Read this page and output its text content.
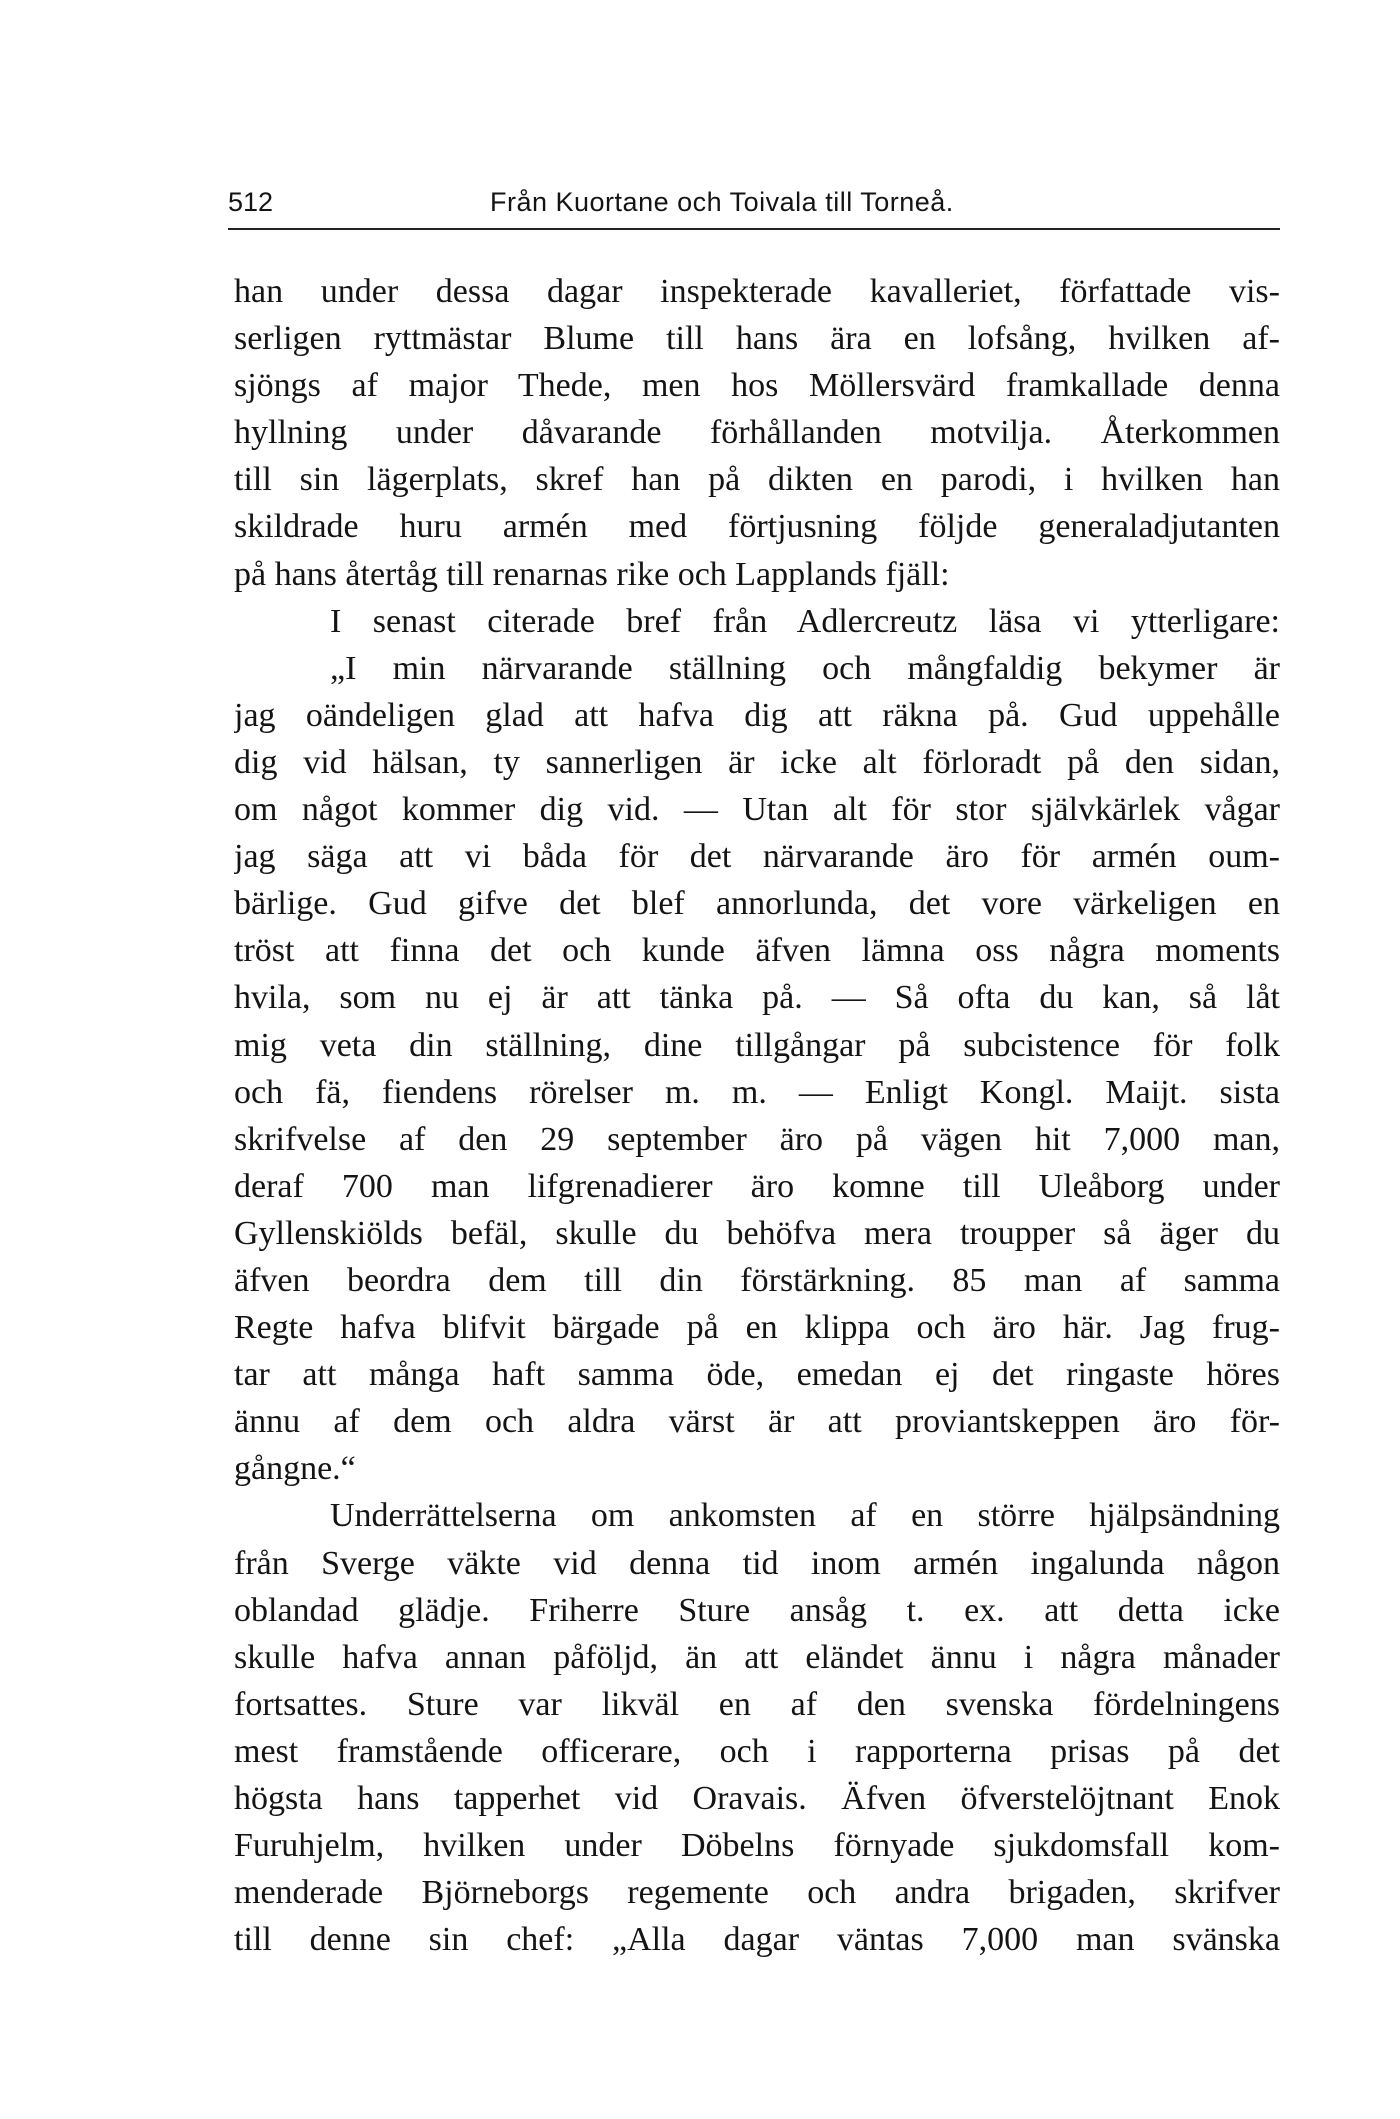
512	Från Kuortane och Toivala till Torneå.
han under dessa dagar inspekterade kavalleriet, författade vis-
serligen ryttmästar Blume till hans ära en lofsång, hvilken af-
sjöngs af major Thede, men hos Möllersvärd framkallade denna
hyllning under dåvarande förhållanden motvilja. Återkommen
till sin lägerplats, skref han på dikten en parodi, i hvilken han
skildrade huru armén med förtjusning följde generaladjutanten
på hans återtåg till renarnas rike och Lapplands fjäll:
I senast citerade bref från Adlercreutz läsa vi ytterligare:
„I min närvarande ställning och mångfaldig bekymer är
jag oändeligen glad att hafva dig att räkna på. Gud uppehålle
dig vid hälsan, ty sannerligen är icke alt förloradt på den sidan,
om något kommer dig vid. — Utan alt för stor självkärlek vågar
jag säga att vi båda för det närvarande äro för armén oum-
bärlige. Gud gifve det blef annorlunda, det vore värkeligen en
tröst att finna det och kunde äfven lämna oss några moments
hvila, som nu ej är att tänka på. — Så ofta du kan, så låt
mig veta din ställning, dine tillgångar på subcistence för folk
och fä, fiendens rörelser m. m. — Enligt Kongl. Maijt. sista
skrifvelse af den 29 september äro på vägen hit 7,000 man,
deraf 700 man lifgrenadierer äro komne till Uleåborg under
Gyllenskiölds befäl, skulle du behöfva mera troupper så äger du
äfven beordra dem till din förstärkning. 85 man af samma
Regte hafva blifvit bärgade på en klippa och äro här. Jag frug-
tar att många haft samma öde, emedan ej det ringaste höres
ännu af dem och aldra värst är att proviantskeppen äro för-
gångne.“
Underrättelserna om ankomsten af en större hjälpsändning
från Sverge väkte vid denna tid inom armén ingalunda någon
oblandad glädje. Friherre Sture ansåg t. ex. att detta icke
skulle hafva annan påföljd, än att eländet ännu i några månader
fortsattes. Sture var likväl en af den svenska fördelningens
mest framstående officerare, och i rapporterna prisas på det
högsta hans tapperhet vid Oravais. Äfven öfverstelöjtnant Enok
Furuhjelm, hvilken under Döbelns förnyade sjukdomsfall kom-
menderade Björneborgs regemente och andra brigaden, skrifver
till denne sin chef: „Alla dagar väntas 7,000 man svänska
